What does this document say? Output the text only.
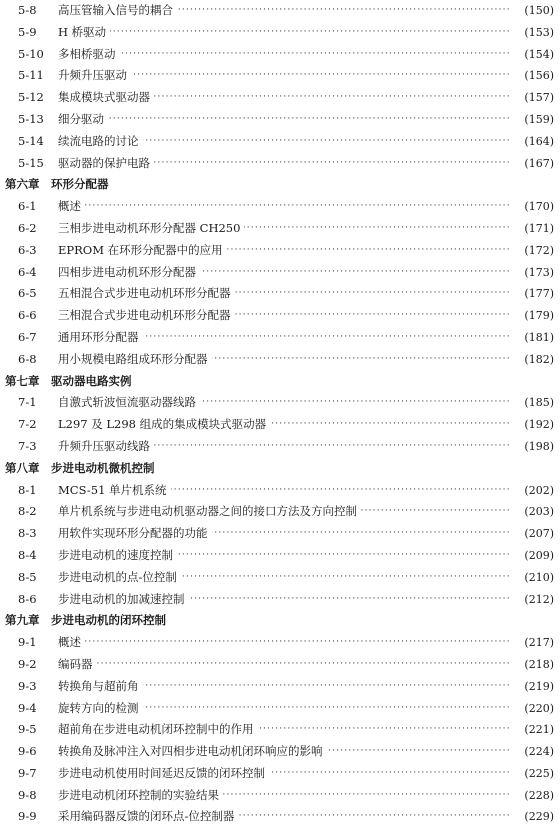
5-8 ·····	高压管输入信号的耦合	(150)
5-9 ·····	H 桥驱动	(153)
5-10 ·····	多相桥驱动	(154)
5-11 ·····	升频升压驱动	(156)
5-12 ·····	集成模块式驱动器	(157)
5-13 ·····	细分驱动	(159)
5-14 ·····	续流电路的讨论	(164)
5-15 ·····	驱动器的保护电路	(167)
第六章　环形分配器
6-1 ·····	概述	(170)
6-2 ·····	三相步进电动机环形分配器 CH250	(171)
6-3 ·····	EPROM 在环形分配器中的应用	(172)
6-4 ·····	四相步进电动机环形分配器	(173)
6-5 ·····	五相混合式步进电动机环形分配器	(177)
6-6 ·····	三相混合式步进电动机环形分配器	(179)
6-7 ·····	通用环形分配器	(181)
6-8 ·····	用小规模电路组成环形分配器	(182)
第七章　驱动器电路实例
7-1 ·····	自激式斩波恒流驱动器线路	(185)
7-2 ·····	L297 及 L298 组成的集成模块式驱动器	(192)
7-3 ·····	升频升压驱动线路	(198)
第八章　步进电动机微机控制
8-1 ·····	MCS-51 单片机系统	(202)
8-2 ·····	单片机系统与步进电动机驱动器之间的接口方法及方向控制	(203)
8-3 ·····	用软件实现环形分配器的功能	(207)
8-4 ·····	步进电动机的速度控制	(209)
8-5 ·····	步进电动机的点-位控制	(210)
8-6 ·····	步进电动机的加减速控制	(212)
第九章　步进电动机的闭环控制
9-1 ·····	概述	(217)
9-2 ·····	编码器	(218)
9-3 ·····	转换角与超前角	(219)
9-4 ·····	旋转方向的检测	(220)
9-5 ·····	超前角在步进电动机闭环控制中的作用	(221)
9-6 ·····	转换角及脉冲注入对四相步进电动机闭环响应的影响	(224)
9-7 ·····	步进电动机使用时间延迟反馈的闭环控制	(225)
9-8 ·····	步进电动机闭环控制的实验结果	(228)
9-9 ·····	采用编码器反馈的闭环点-位控制器	(229)
